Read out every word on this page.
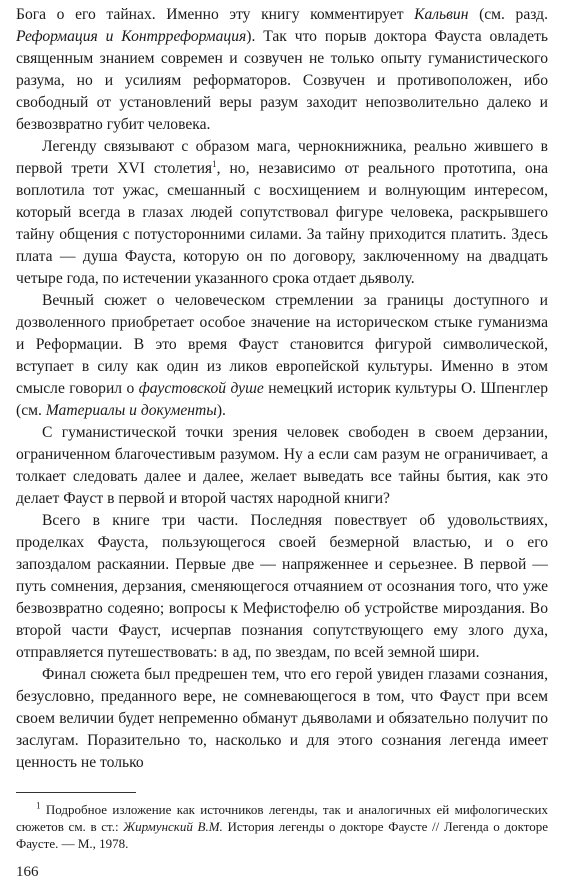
Бога о его тайнах. Именно эту книгу комментирует Кальвин (см. разд. Реформация и Контрреформация). Так что порыв доктора Фауста овладеть священным знанием современ и созвучен не только опыту гуманистического разума, но и усилиям реформаторов. Созвучен и противоположен, ибо свободный от установлений веры разум заходит непозволительно далеко и безвозвратно губит человека.

Легенду связывают с образом мага, чернокнижника, реально жившего в первой трети XVI столетия$^1$, но, независимо от реального прототипа, она воплотила тот ужас, смешанный с восхищением и волнующим интересом, который всегда в глазах людей сопутствовал фигуре человека, раскрывшего тайну общения с потусторонними силами. За тайну приходится платить. Здесь плата — душа Фауста, которую он по договору, заключенному на двадцать четыре года, по истечении указанного срока отдает дьяволу.

Вечный сюжет о человеческом стремлении за границы доступного и дозволенного приобретает особое значение на историческом стыке гуманизма и Реформации. В это время Фауст становится фигурой символической, вступает в силу как один из ликов европейской культуры. Именно в этом смысле говорил о фаустовской душе немецкий историк культуры О. Шпенглер (см. Материалы и документы).

С гуманистической точки зрения человек свободен в своем дерзании, ограниченном благочестивым разумом. Ну а если сам разум не ограничивает, а толкает следовать далее и далее, желает выведать все тайны бытия, как это делает Фауст в первой и второй частях народной книги?

Всего в книге три части. Последняя повествует об удовольствиях, проделках Фауста, пользующегося своей безмерной властью, и о его запоздалом раскаянии. Первые две — напряженнее и серьезнее. В первой — путь сомнения, дерзания, сменяющегося отчаянием от осознания того, что уже безвозвратно содеяно; вопросы к Мефистофелю об устройстве мироздания. Во второй части Фауст, исчерпав познания сопутствующего ему злого духа, отправляется путешествовать: в ад, по звездам, по всей земной шири.

Финал сюжета был предрешен тем, что его герой увиден глазами сознания, безусловно, преданного вере, не сомневающегося в том, что Фауст при всем своем величии будет непременно обманут дьяволами и обязательно получит по заслугам. Поразительно то, насколько и для этого сознания легенда имеет ценность не только

$^1$ Подробное изложение как источников легенды, так и аналогичных ей мифологических сюжетов см. в ст.: Жирмунский В.М. История легенды о докторе Фаусте // Легенда о докторе Фаусте. — М., 1978.

166
